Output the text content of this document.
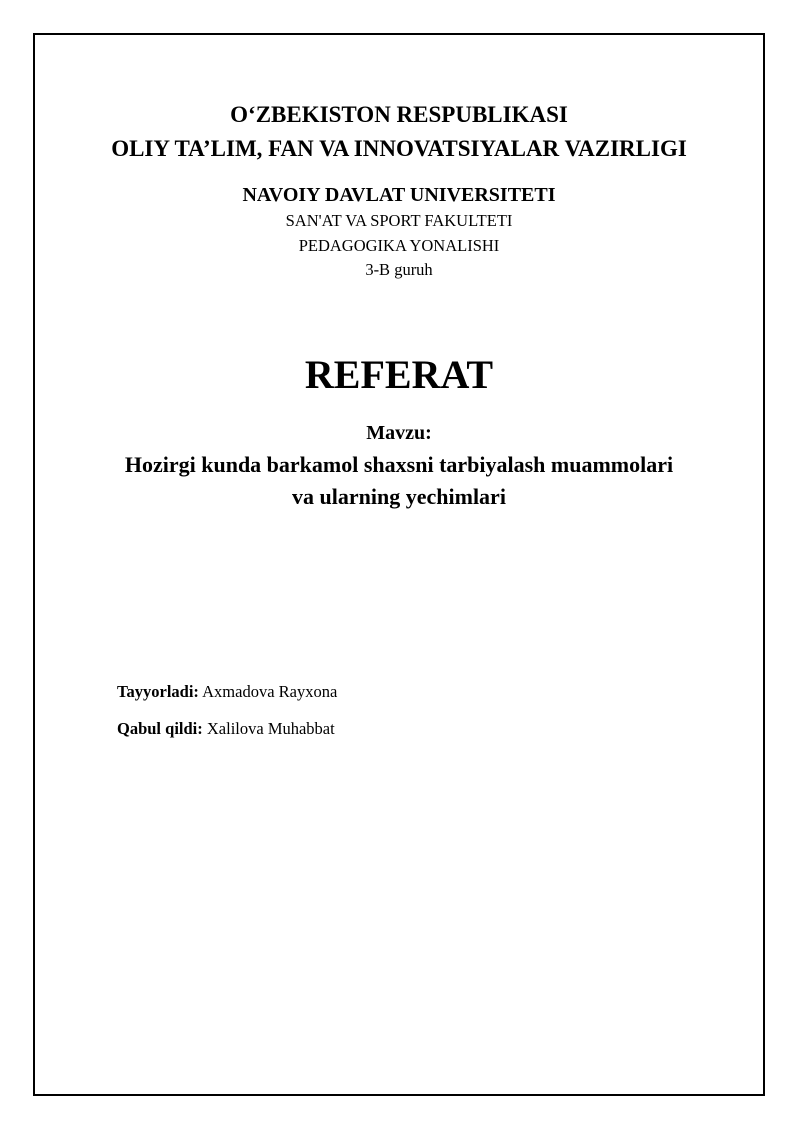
O‘ZBEKISTON RESPUBLIKASI
OLIY TA’LIM, FAN VA INNOVATSIYALAR VAZIRLIGI
NAVOIY DAVLAT UNIVERSITETI
SAN'AT VA SPORT FAKULTETI
PEDAGOGIKA YONALISHI
3-B guruh
REFERAT
Mavzu:
Hozirgi kunda barkamol shaxsni tarbiyalash muammolari
va ularning yechimlari
Tayyorladi: Axmadova Rayxona
Qabul qildi: Xalilova Muhabbat
